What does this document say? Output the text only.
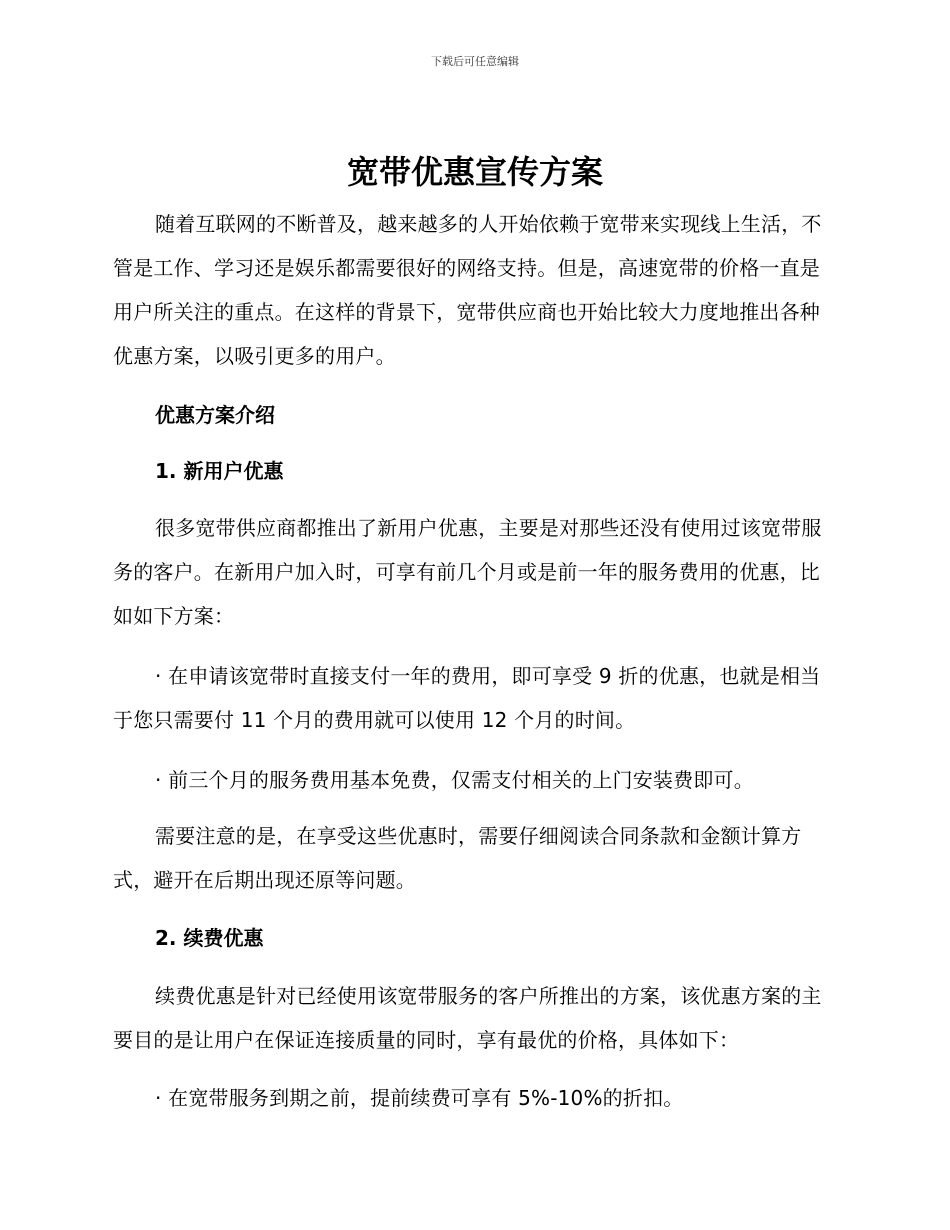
下载后可任意编辑
宽带优惠宣传方案

随着互联网的不断普及，越来越多的人开始依赖于宽带来实现线上生活，不管是工作、学习还是娱乐都需要很好的网络支持。但是，高速宽带的价格一直是用户所关注的重点。在这样的背景下，宽带供应商也开始比较大力度地推出各种优惠方案，以吸引更多的用户。

优惠方案介绍

1. 新用户优惠

很多宽带供应商都推出了新用户优惠，主要是对那些还没有使用过该宽带服务的客户。在新用户加入时，可享有前几个月或是前一年的服务费用的优惠，比如如下方案：

· 在申请该宽带时直接支付一年的费用，即可享受 9 折的优惠，也就是相当于您只需要付 11 个月的费用就可以使用 12 个月的时间。

· 前三个月的服务费用基本免费，仅需支付相关的上门安装费即可。

需要注意的是，在享受这些优惠时，需要仔细阅读合同条款和金额计算方式，避开在后期出现还原等问题。

2. 续费优惠

续费优惠是针对已经使用该宽带服务的客户所推出的方案，该优惠方案的主要目的是让用户在保证连接质量的同时，享有最优的价格，具体如下：

· 在宽带服务到期之前，提前续费可享有 5%-10%的折扣。
